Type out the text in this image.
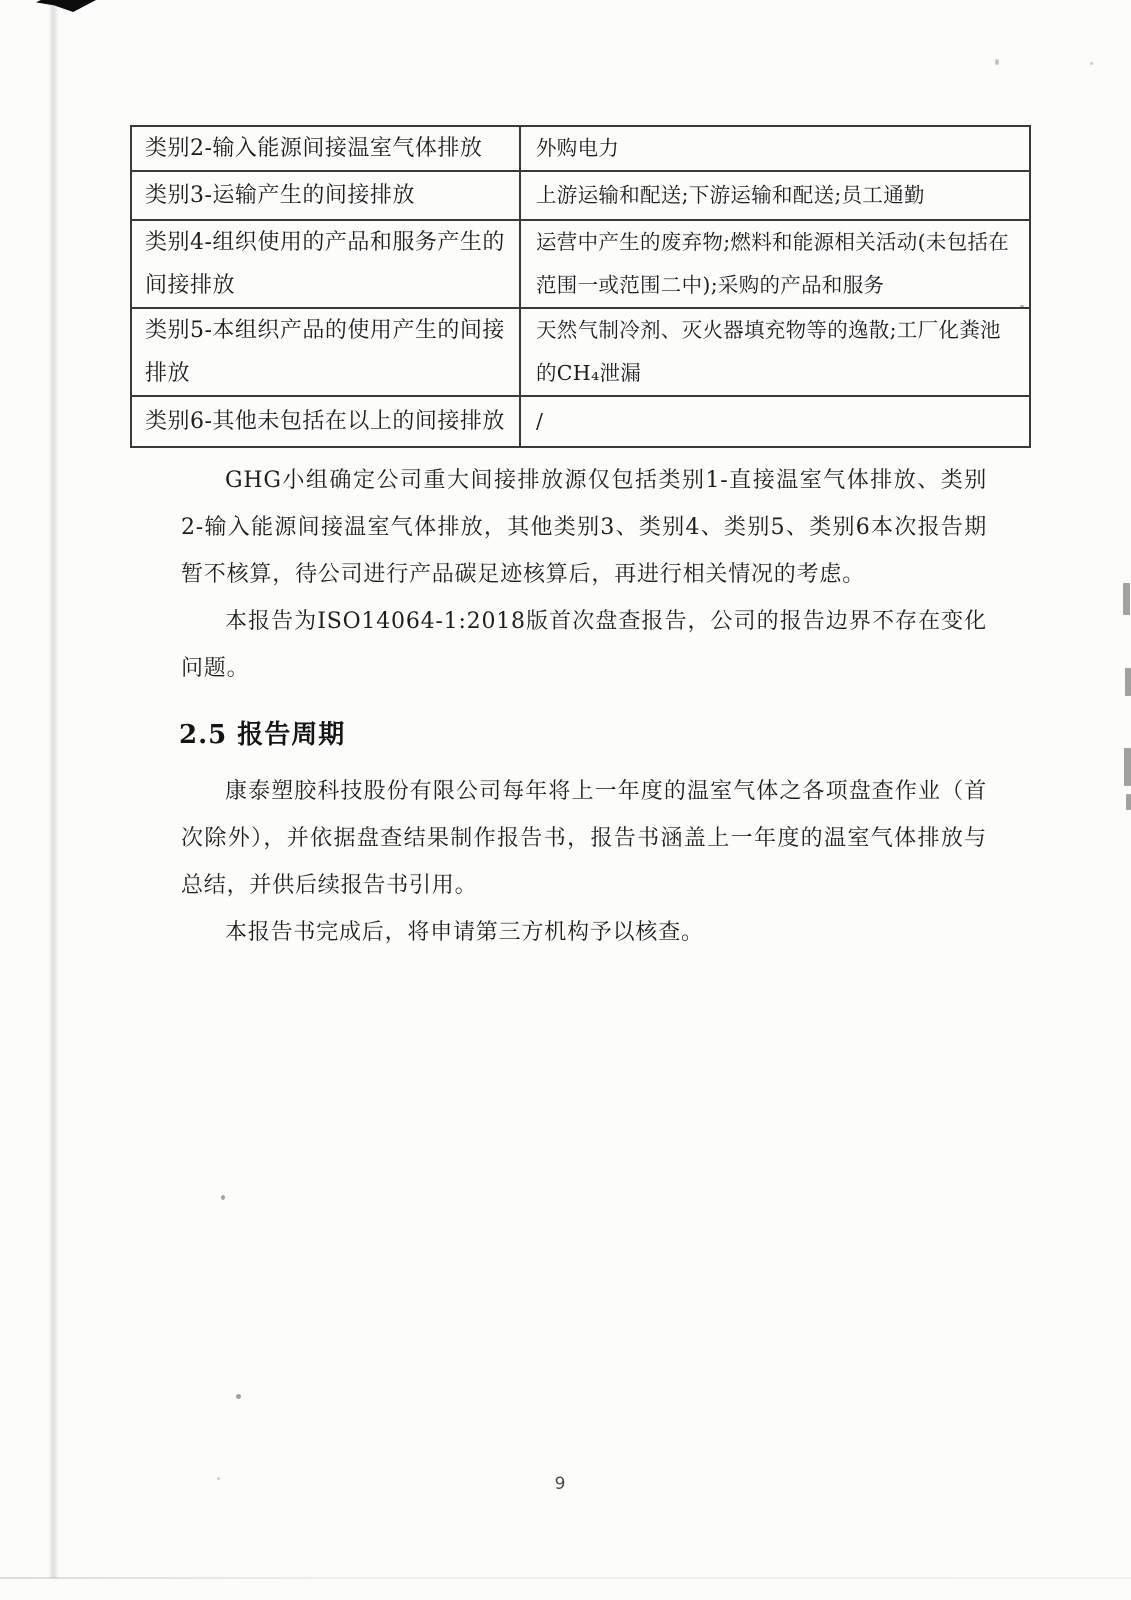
类别2-输入能源间接温室气体排放	外购电力
类别3-运输产生的间接排放	上游运输和配送;下游运输和配送;员工通勤
类别4-组织使用的产品和服务产生的间接排放
运营中产生的废弃物;燃料和能源相关活动(未包括在范围一或范围二中);采购的产品和服务
类别5-本组织产品的使用产生的间接排放
天然气制冷剂、灭火器填充物等的逸散;工厂化粪池的CH₄泄漏
类别6-其他未包括在以上的间接排放 /

GHG小组确定公司重大间接排放源仅包括类别1-直接温室气体排放、类别2-输入能源间接温室气体排放，其他类别3、类别4、类别5、类别6本次报告期暂不核算，待公司进行产品碳足迹核算后，再进行相关情况的考虑。

本报告为ISO14064-1:2018版首次盘查报告，公司的报告边界不存在变化问题。

2.5 报告周期

康泰塑胶科技股份有限公司每年将上一年度的温室气体之各项盘查作业（首次除外），并依据盘查结果制作报告书，报告书涵盖上一年度的温室气体排放与总结，并供后续报告书引用。

本报告书完成后，将申请第三方机构予以核查。

9
